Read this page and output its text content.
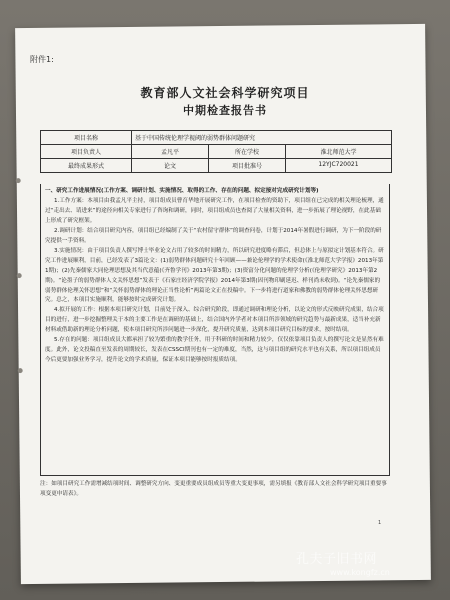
附件1:
教育部人文社会科学研究项目
中期检查报告书
项目名称	基于中国传统伦理学视阈的弱势群体问题研究
项目负责人	孟凡平	所在学校	淮北师范大学
最终成果形式	论文	项目批准号	12YJC720021

一、研究工作进展情况(工作方案、调研计划、实施情况、取得的工作、存在的问题、拟定接对完成研究计划等)

1.工作方案：本项目由我孟凡平主持，项目组成员曹育华地开展研究工作，在项目检查的资助下，项目组在已完成的相关理论梳理，通过“走出去、请进来”的途径向相关专家进行了咨询和调研，同时，项目组成员也查阅了大量相关资料，进一步拓展了理论视野，在此基础上形成了研究框架。

2.调研计划：结合项目研究内容，项目组已经编制了关于“农村留守群体”的调查问卷，计划于2014年暑假进行调研，为下一阶段的研究提供一手资料。

3.实施情况：由于项目负责人撰写博士毕业论文占用了较多的时间精力，所以研究进度略有滞后，但总体上与原拟定计划基本符合。研究工作进展顺利，目前，已经发表了3篇论文：(1)弱势群体问题研究十年回顾——兼论伦理学的学术使命(《淮北师范大学学报》2013年第1期)；(2)先秦儒家大同伦理思想及其当代意蕴(《齐鲁学刊》2013年第3期)；(3)资富分化问题的伦理学分析(《伦理学研究》2013年第2期)。“论墨子的弱势群体人文关怀思想”发表于《石家庄经济学院学报》2014年第3期(因刊物印刷延迟、样刊尚未收到)。“论先秦儒家的弱势群体伦理关怀思想”和“关怀弱势群体的理论正当性论析”两篇论文正在投稿中。下一步将进行道家和佛教的弱势群体伦理关怀思想研究。总之，本项目实施顺利，能够按时完成研究计划。

4.拟开展的工作：根据本项目研究计划，目前处于深入、综合研究阶段，即通过调研和理论分析，以论文的形式反映研究成果，结合项目的进行，进一步挖掘整理关于本的主要工作是在调研的基础上，结合国内外学者对本项目所涉领域的研究趋势与最新成果，适当补充新材料或借助新的理论分析问题，使本项目研究所涉问题进一步深化，提升研究质量，达到本项目研究目标的要求，按时结项。

5.存在的问题：项目组成员大都承担了较为繁重的教学任务，用于科研的时间和精力较少，仅仅依靠项目负责人的撰写论文是显然有难度。此外，论文投稿直至发表的周期较长，发表在CSSCI期刊也有一定的难度，当然，这与项目组的研究水平也有关系，所以项目组成员今后更要加强业务学习，提升论文的学术质量，保证本项目能够按时报质结项。

注：如项目研究工作需增减结项时间、调整研究方向、变更重要成员组成员等重大变更事项，需另填报《教育部人文社会科学研究项目重要事项变更申请表》。
1
孔夫子旧书网
www.kongfz.cn
